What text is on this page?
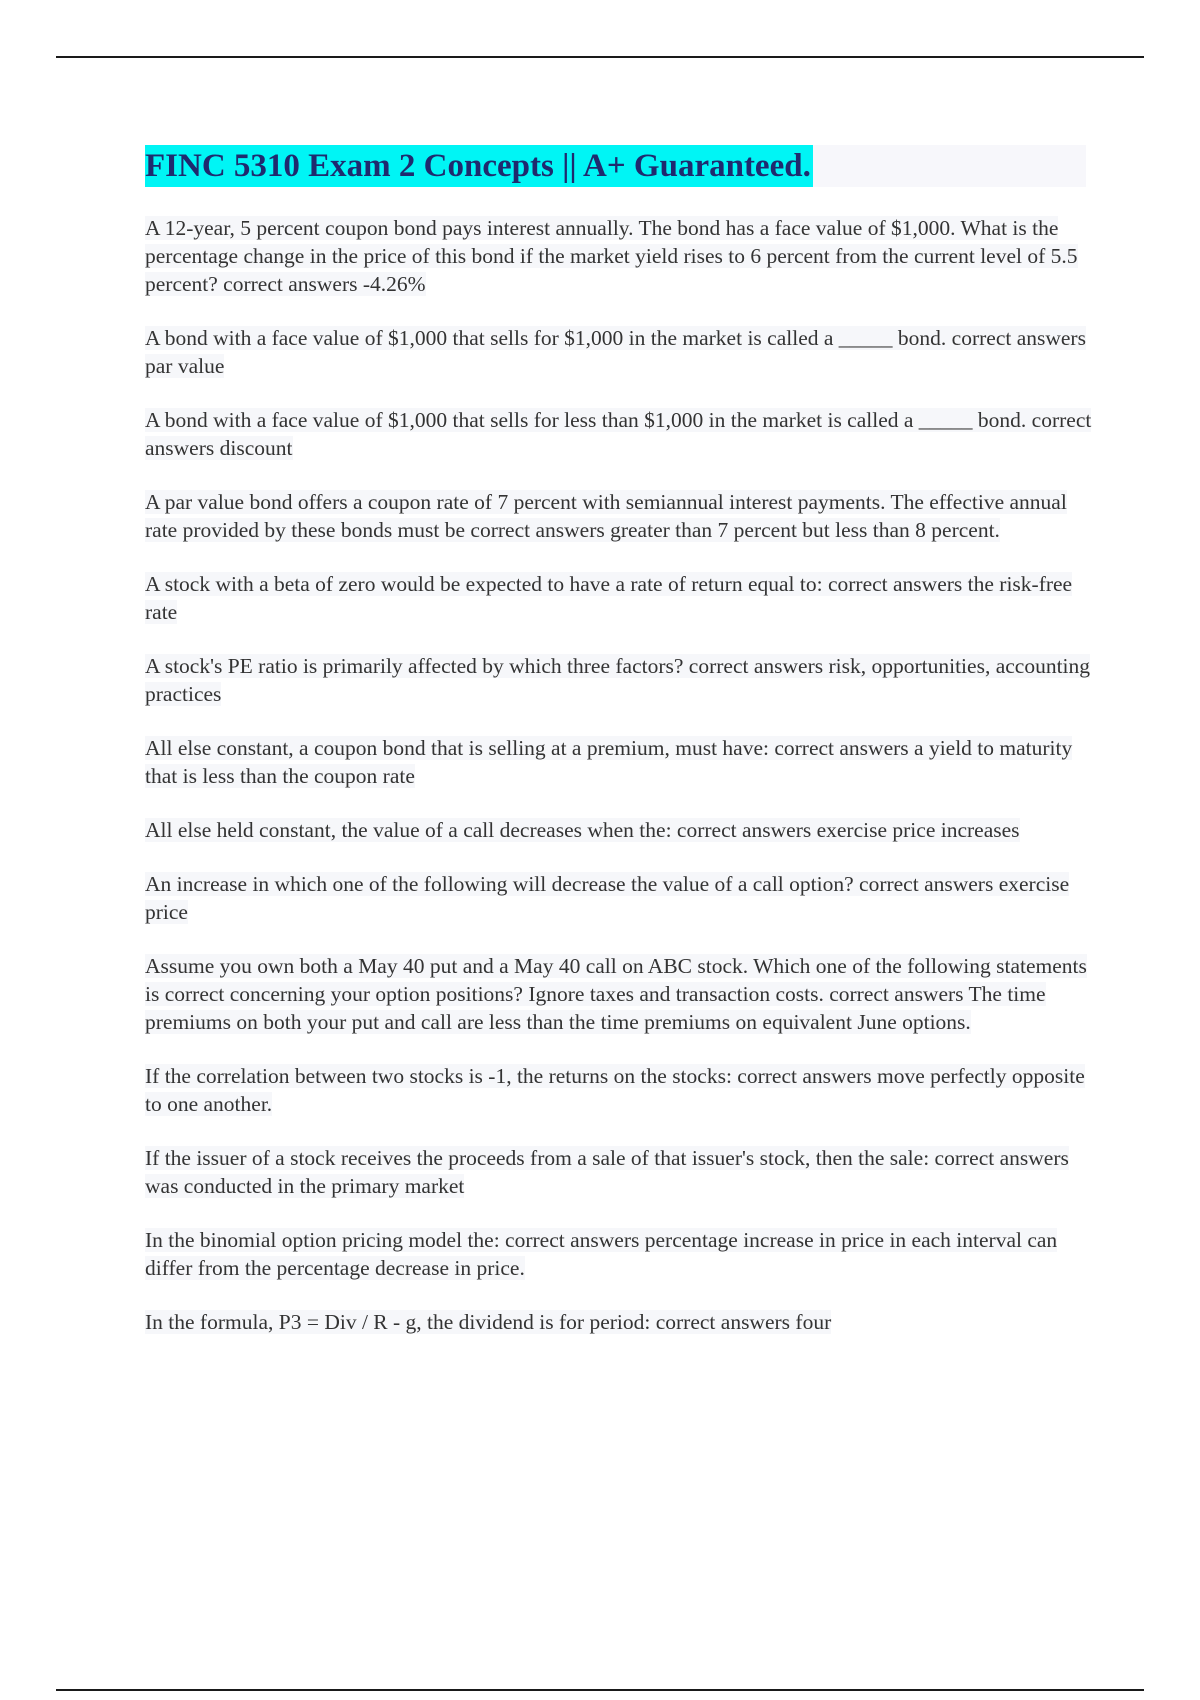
FINC 5310 Exam 2 Concepts || A+ Guaranteed.

A 12-year, 5 percent coupon bond pays interest annually. The bond has a face value of $1,000. What is the percentage change in the price of this bond if the market yield rises to 6 percent from the current level of 5.5 percent? correct answers -4.26%

A bond with a face value of $1,000 that sells for $1,000 in the market is called a _____ bond. correct answers par value

A bond with a face value of $1,000 that sells for less than $1,000 in the market is called a _____ bond. correct answers discount

A par value bond offers a coupon rate of 7 percent with semiannual interest payments. The effective annual rate provided by these bonds must be correct answers greater than 7 percent but less than 8 percent.

A stock with a beta of zero would be expected to have a rate of return equal to: correct answers the risk-free rate

A stock's PE ratio is primarily affected by which three factors? correct answers risk, opportunities, accounting practices

All else constant, a coupon bond that is selling at a premium, must have: correct answers a yield to maturity that is less than the coupon rate

All else held constant, the value of a call decreases when the: correct answers exercise price increases

An increase in which one of the following will decrease the value of a call option? correct answers exercise price

Assume you own both a May 40 put and a May 40 call on ABC stock. Which one of the following statements is correct concerning your option positions? Ignore taxes and transaction costs. correct answers The time premiums on both your put and call are less than the time premiums on equivalent June options.

If the correlation between two stocks is -1, the returns on the stocks: correct answers move perfectly opposite to one another.

If the issuer of a stock receives the proceeds from a sale of that issuer's stock, then the sale: correct answers was conducted in the primary market

In the binomial option pricing model the: correct answers percentage increase in price in each interval can differ from the percentage decrease in price.

In the formula, P3 = Div / R - g, the dividend is for period: correct answers four
